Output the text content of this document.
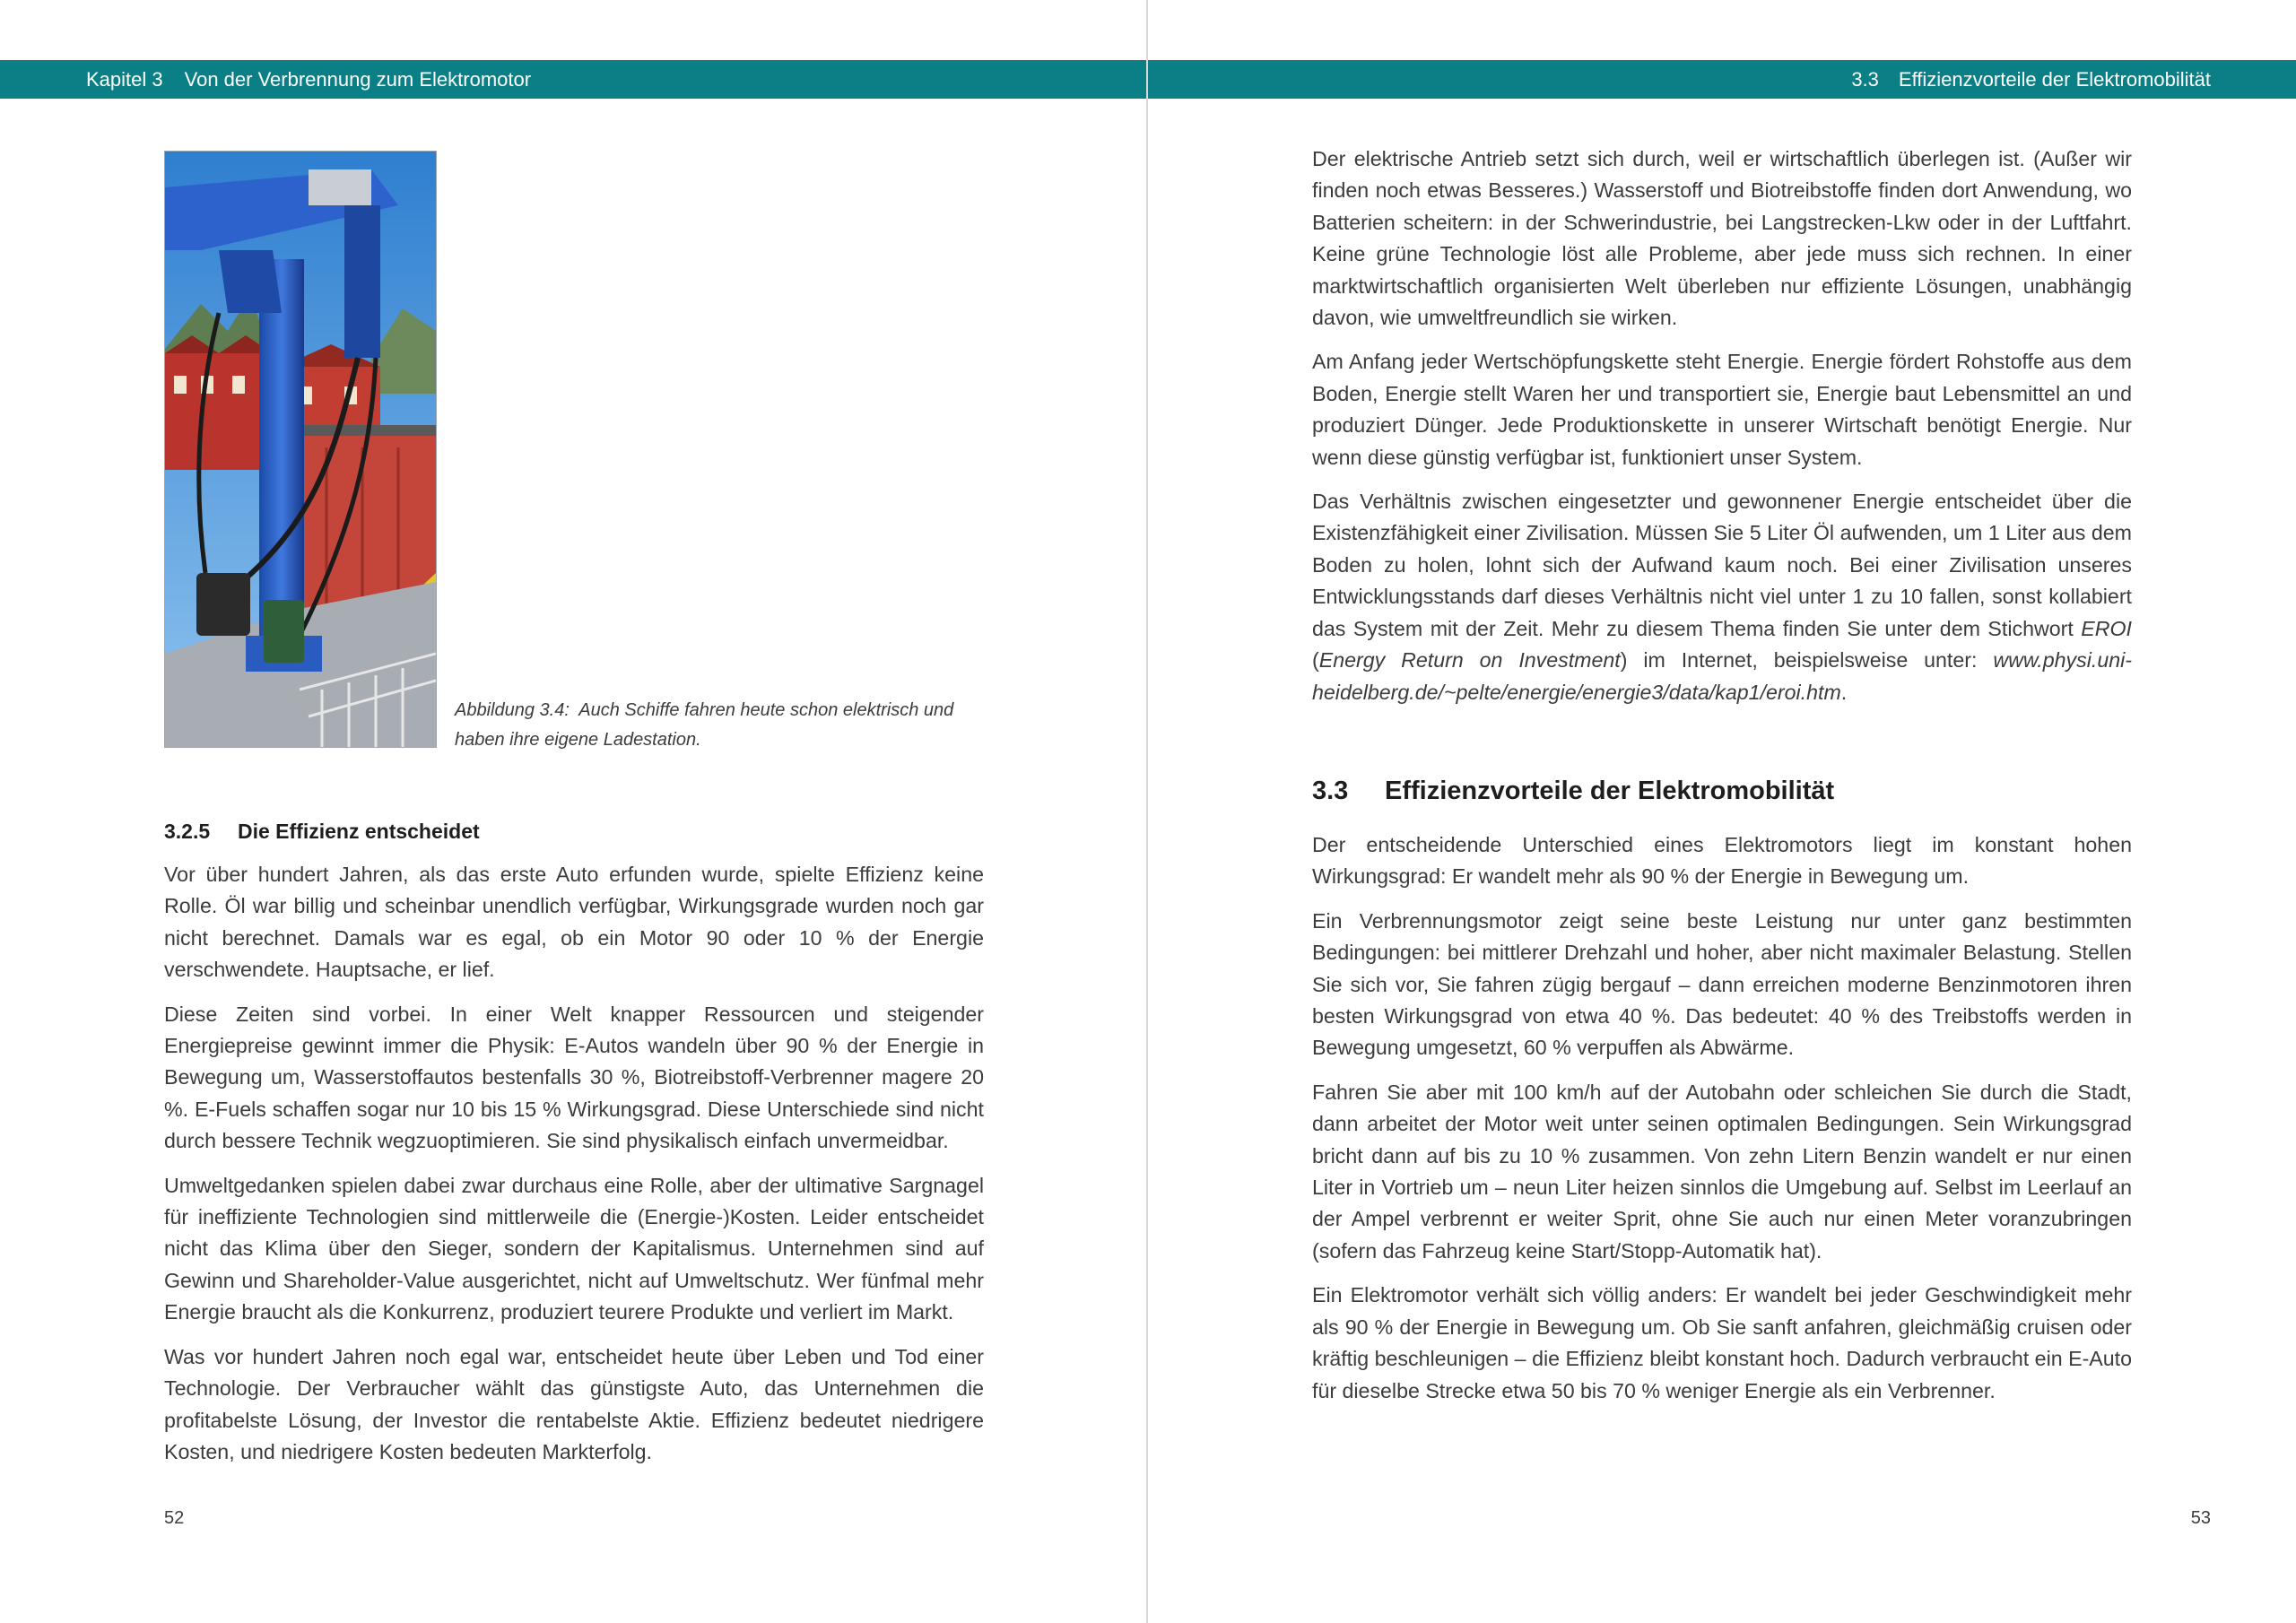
Kapitel 3 Von der Verbrennung zum Elektromotor
Abbildung 3.4: Auch Schiffe fahren heute schon elektrisch und haben ihre eigene Ladestation.
3.2.5 Die Effizienz entscheidet

Vor über hundert Jahren, als das erste Auto erfunden wurde, spielte Effizienz keine Rolle. Öl war billig und scheinbar unendlich verfügbar, Wirkungsgrade wurden noch gar nicht berechnet. Damals war es egal, ob ein Motor 90 oder 10 % der Energie verschwendete. Hauptsache, er lief.

Diese Zeiten sind vorbei. In einer Welt knapper Ressourcen und steigender Energiepreise gewinnt immer die Physik: E-Autos wandeln über 90 % der Energie in Bewegung um, Wasserstoffautos bestenfalls 30 %, Biotreibstoff-Verbrenner magere 20 %. E-Fuels schaffen sogar nur 10 bis 15 % Wirkungsgrad. Diese Unterschiede sind nicht durch bessere Technik wegzuoptimieren. Sie sind physikalisch einfach unvermeidbar.

Umweltgedanken spielen dabei zwar durchaus eine Rolle, aber der ultimative Sargnagel für ineffiziente Technologien sind mittlerweile die (Energie-)Kosten. Leider entscheidet nicht das Klima über den Sieger, sondern der Kapitalismus. Unternehmen sind auf Gewinn und Shareholder-Value ausgerichtet, nicht auf Umweltschutz. Wer fünfmal mehr Energie braucht als die Konkurrenz, produziert teurere Produkte und verliert im Markt.

Was vor hundert Jahren noch egal war, entscheidet heute über Leben und Tod einer Technologie. Der Verbraucher wählt das günstigste Auto, das Unternehmen die profitabelste Lösung, der Investor die rentabelste Aktie. Effizienz bedeutet niedrigere Kosten, und niedrigere Kosten bedeuten Markterfolg.

52
3.3 Effizienzvorteile der Elektromobilität

Der elektrische Antrieb setzt sich durch, weil er wirtschaftlich überlegen ist. (Außer wir finden noch etwas Besseres.) Wasserstoff und Biotreibstoffe finden dort Anwendung, wo Batterien scheitern: in der Schwerindustrie, bei Langstrecken-Lkw oder in der Luftfahrt. Keine grüne Technologie löst alle Probleme, aber jede muss sich rechnen. In einer marktwirtschaftlich organisierten Welt überleben nur effiziente Lösungen, unabhängig davon, wie umweltfreundlich sie wirken.

Am Anfang jeder Wertschöpfungskette steht Energie. Energie fördert Rohstoffe aus dem Boden, Energie stellt Waren her und transportiert sie, Energie baut Lebensmittel an und produziert Dünger. Jede Produktionskette in unserer Wirtschaft benötigt Energie. Nur wenn diese günstig verfügbar ist, funktioniert unser System.

Das Verhältnis zwischen eingesetzter und gewonnener Energie entscheidet über die Existenzfähigkeit einer Zivilisation. Müssen Sie 5 Liter Öl aufwenden, um 1 Liter aus dem Boden zu holen, lohnt sich der Aufwand kaum noch. Bei einer Zivilisation unseres Entwicklungsstands darf dieses Verhältnis nicht viel unter 1 zu 10 fallen, sonst kollabiert das System mit der Zeit. Mehr zu diesem Thema finden Sie unter dem Stichwort EROI (Energy Return on Investment) im Internet, beispielsweise unter: www.physi.uni-heidelberg.de/~pelte/energie/energie3/data/kap1/eroi.htm.

3.3 Effizienzvorteile der Elektromobilität

Der entscheidende Unterschied eines Elektromotors liegt im konstant hohen Wirkungsgrad: Er wandelt mehr als 90 % der Energie in Bewegung um.

Ein Verbrennungsmotor zeigt seine beste Leistung nur unter ganz bestimmten Bedingungen: bei mittlerer Drehzahl und hoher, aber nicht maximaler Belastung. Stellen Sie sich vor, Sie fahren zügig bergauf – dann erreichen moderne Benzinmotoren ihren besten Wirkungsgrad von etwa 40 %. Das bedeutet: 40 % des Treibstoffs werden in Bewegung umgesetzt, 60 % verpuffen als Abwärme.

Fahren Sie aber mit 100 km/h auf der Autobahn oder schleichen Sie durch die Stadt, dann arbeitet der Motor weit unter seinen optimalen Bedingungen. Sein Wirkungsgrad bricht dann auf bis zu 10 % zusammen. Von zehn Litern Benzin wandelt er nur einen Liter in Vortrieb um – neun Liter heizen sinnlos die Umgebung auf. Selbst im Leerlauf an der Ampel verbrennt er weiter Sprit, ohne Sie auch nur einen Meter voranzubringen (sofern das Fahrzeug keine Start/Stopp-Automatik hat).

Ein Elektromotor verhält sich völlig anders: Er wandelt bei jeder Geschwindigkeit mehr als 90 % der Energie in Bewegung um. Ob Sie sanft anfahren, gleichmäßig cruisen oder kräftig beschleunigen – die Effizienz bleibt konstant hoch. Dadurch verbraucht ein E-Auto für dieselbe Strecke etwa 50 bis 70 % weniger Energie als ein Verbrenner.

53
